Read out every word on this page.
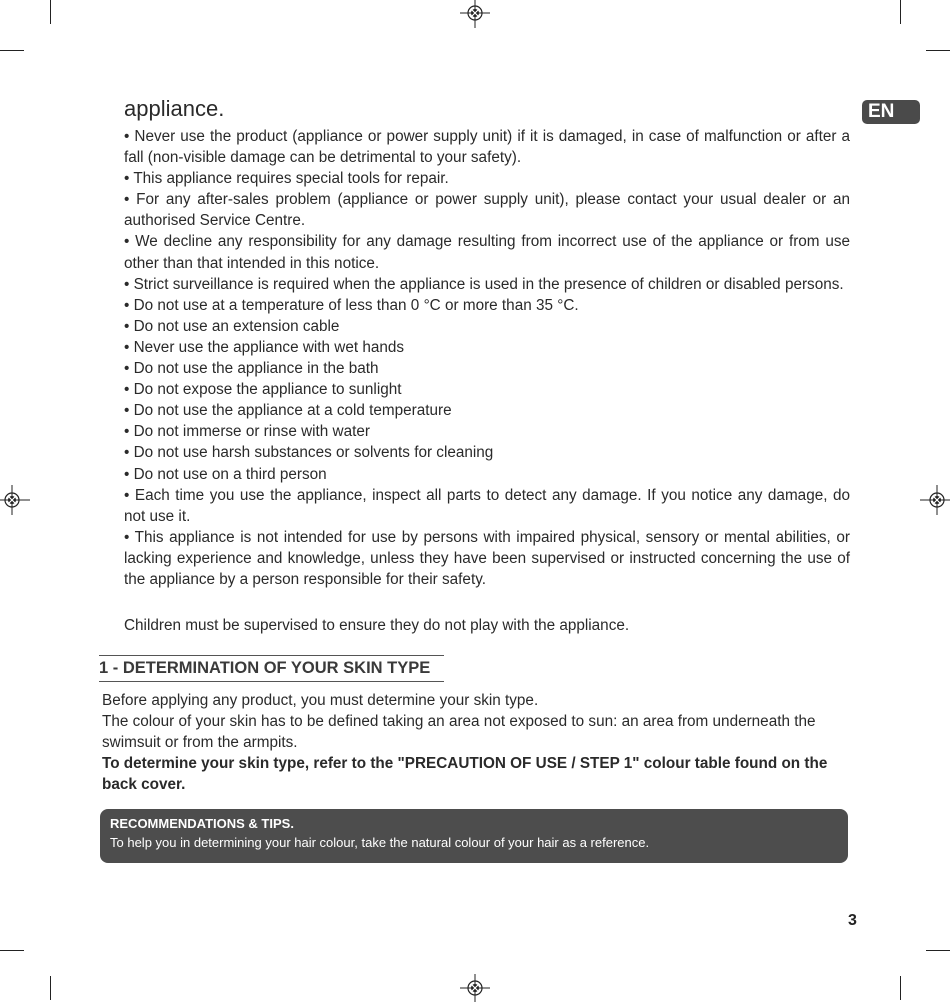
EN
appliance.
• Never use the product (appliance or power supply unit) if it is damaged, in case of malfunction or after a fall (non-visible damage can be detrimental to your safety).
• This appliance requires special tools for repair.
• For any after-sales problem (appliance or power supply unit), please contact your usual dealer or an authorised Service Centre.
• We decline any responsibility for any damage resulting from incorrect use of the appliance or from use other than that intended in this notice.
• Strict surveillance is required when the appliance is used in the presence of children or disabled persons.
• Do not use at a temperature of less than 0 °C or more than 35 °C.
• Do not use an extension cable
• Never use the appliance with wet hands
• Do not use the appliance in the bath
• Do not expose the appliance to sunlight
• Do not use the appliance at a cold temperature
• Do not immerse or rinse with water
• Do not use harsh substances or solvents for cleaning
• Do not use on a third person
• Each time you use the appliance, inspect all parts to detect any damage. If you notice any damage, do not use it.
• This appliance is not intended for use by persons with impaired physical, sensory or mental abilities, or lacking experience and knowledge, unless they have been supervised or instructed concerning the use of the appliance by a person responsible for their safety.
Children must be supervised to ensure they do not play with the appliance.
1 - DETERMINATION OF YOUR SKIN TYPE

Before applying any product, you must determine your skin type.

The colour of your skin has to be defined taking an area not exposed to sun: an area from underneath the swimsuit or from the armpits.

To determine your skin type, refer to the "PRECAUTION OF USE / STEP 1" colour table found on the back cover.

RECOMMENDATIONS & TIPS.
To help you in determining your hair colour, take the natural colour of your hair as a reference.
3
